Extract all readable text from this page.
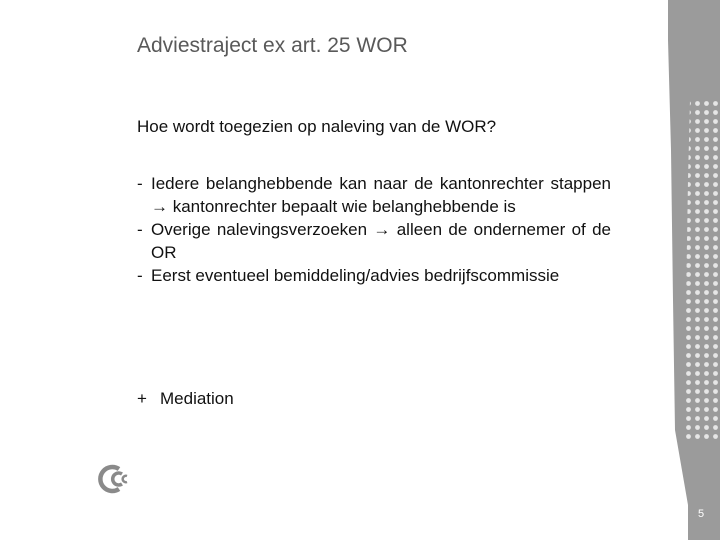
Adviestraject ex art. 25 WOR
Hoe wordt toegezien op naleving van de WOR?
- Iedere belanghebbende kan naar de kantonrechter stappen → kantonrechter bepaalt wie belanghebbende is
- Overige nalevingsverzoeken → alleen de ondernemer of de OR
- Eerst eventueel bemiddeling/advies bedrijfscommissie
+ Mediation
5
